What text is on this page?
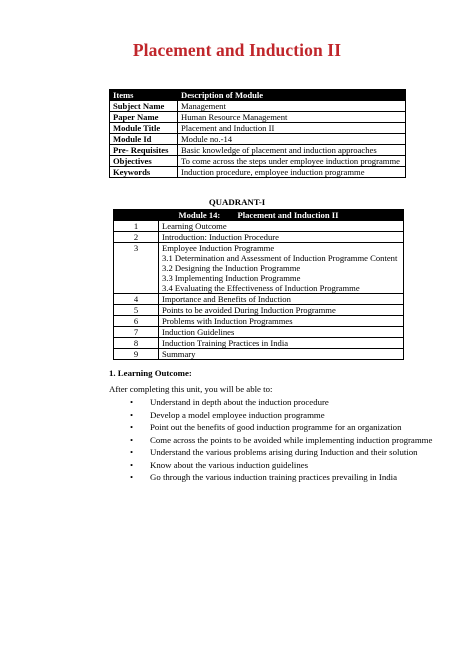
Placement and Induction II
Items	Description of Module
Subject Name	Management
Paper Name	Human Resource Management
Module Title	Placement and Induction II
Module Id	Module no.-14
Pre- Requisites	Basic knowledge of placement and induction approaches
Objectives	To come across the steps under employee induction programme
Keywords	Induction procedure, employee induction programme
QUADRANT-I
Module 14: Placement and Induction II	
1	Learning Outcome

2	Introduction: Induction Procedure

3	Employee Induction Programme
3.1 Determination and Assessment of Induction Programme Content
3.2 Designing the Induction Programme
3.3 Implementing Induction Programme
3.4 Evaluating the Effectiveness of Induction Programme

4	Importance and Benefits of Induction

5	Points to be avoided During Induction Programme

6	Problems with Induction Programmes

7	Induction Guidelines

8	Induction Training Practices in India

9	Summary
1. Learning Outcome:
After completing this unit, you will be able to:
• Understand in depth about the induction procedure
• Develop a model employee induction programme
• Point out the benefits of good induction programme for an organization
• Come across the points to be avoided while implementing induction programme
• Understand the various problems arising during Induction and their solution
• Know about the various induction guidelines
• Go through the various induction training practices prevailing in India
